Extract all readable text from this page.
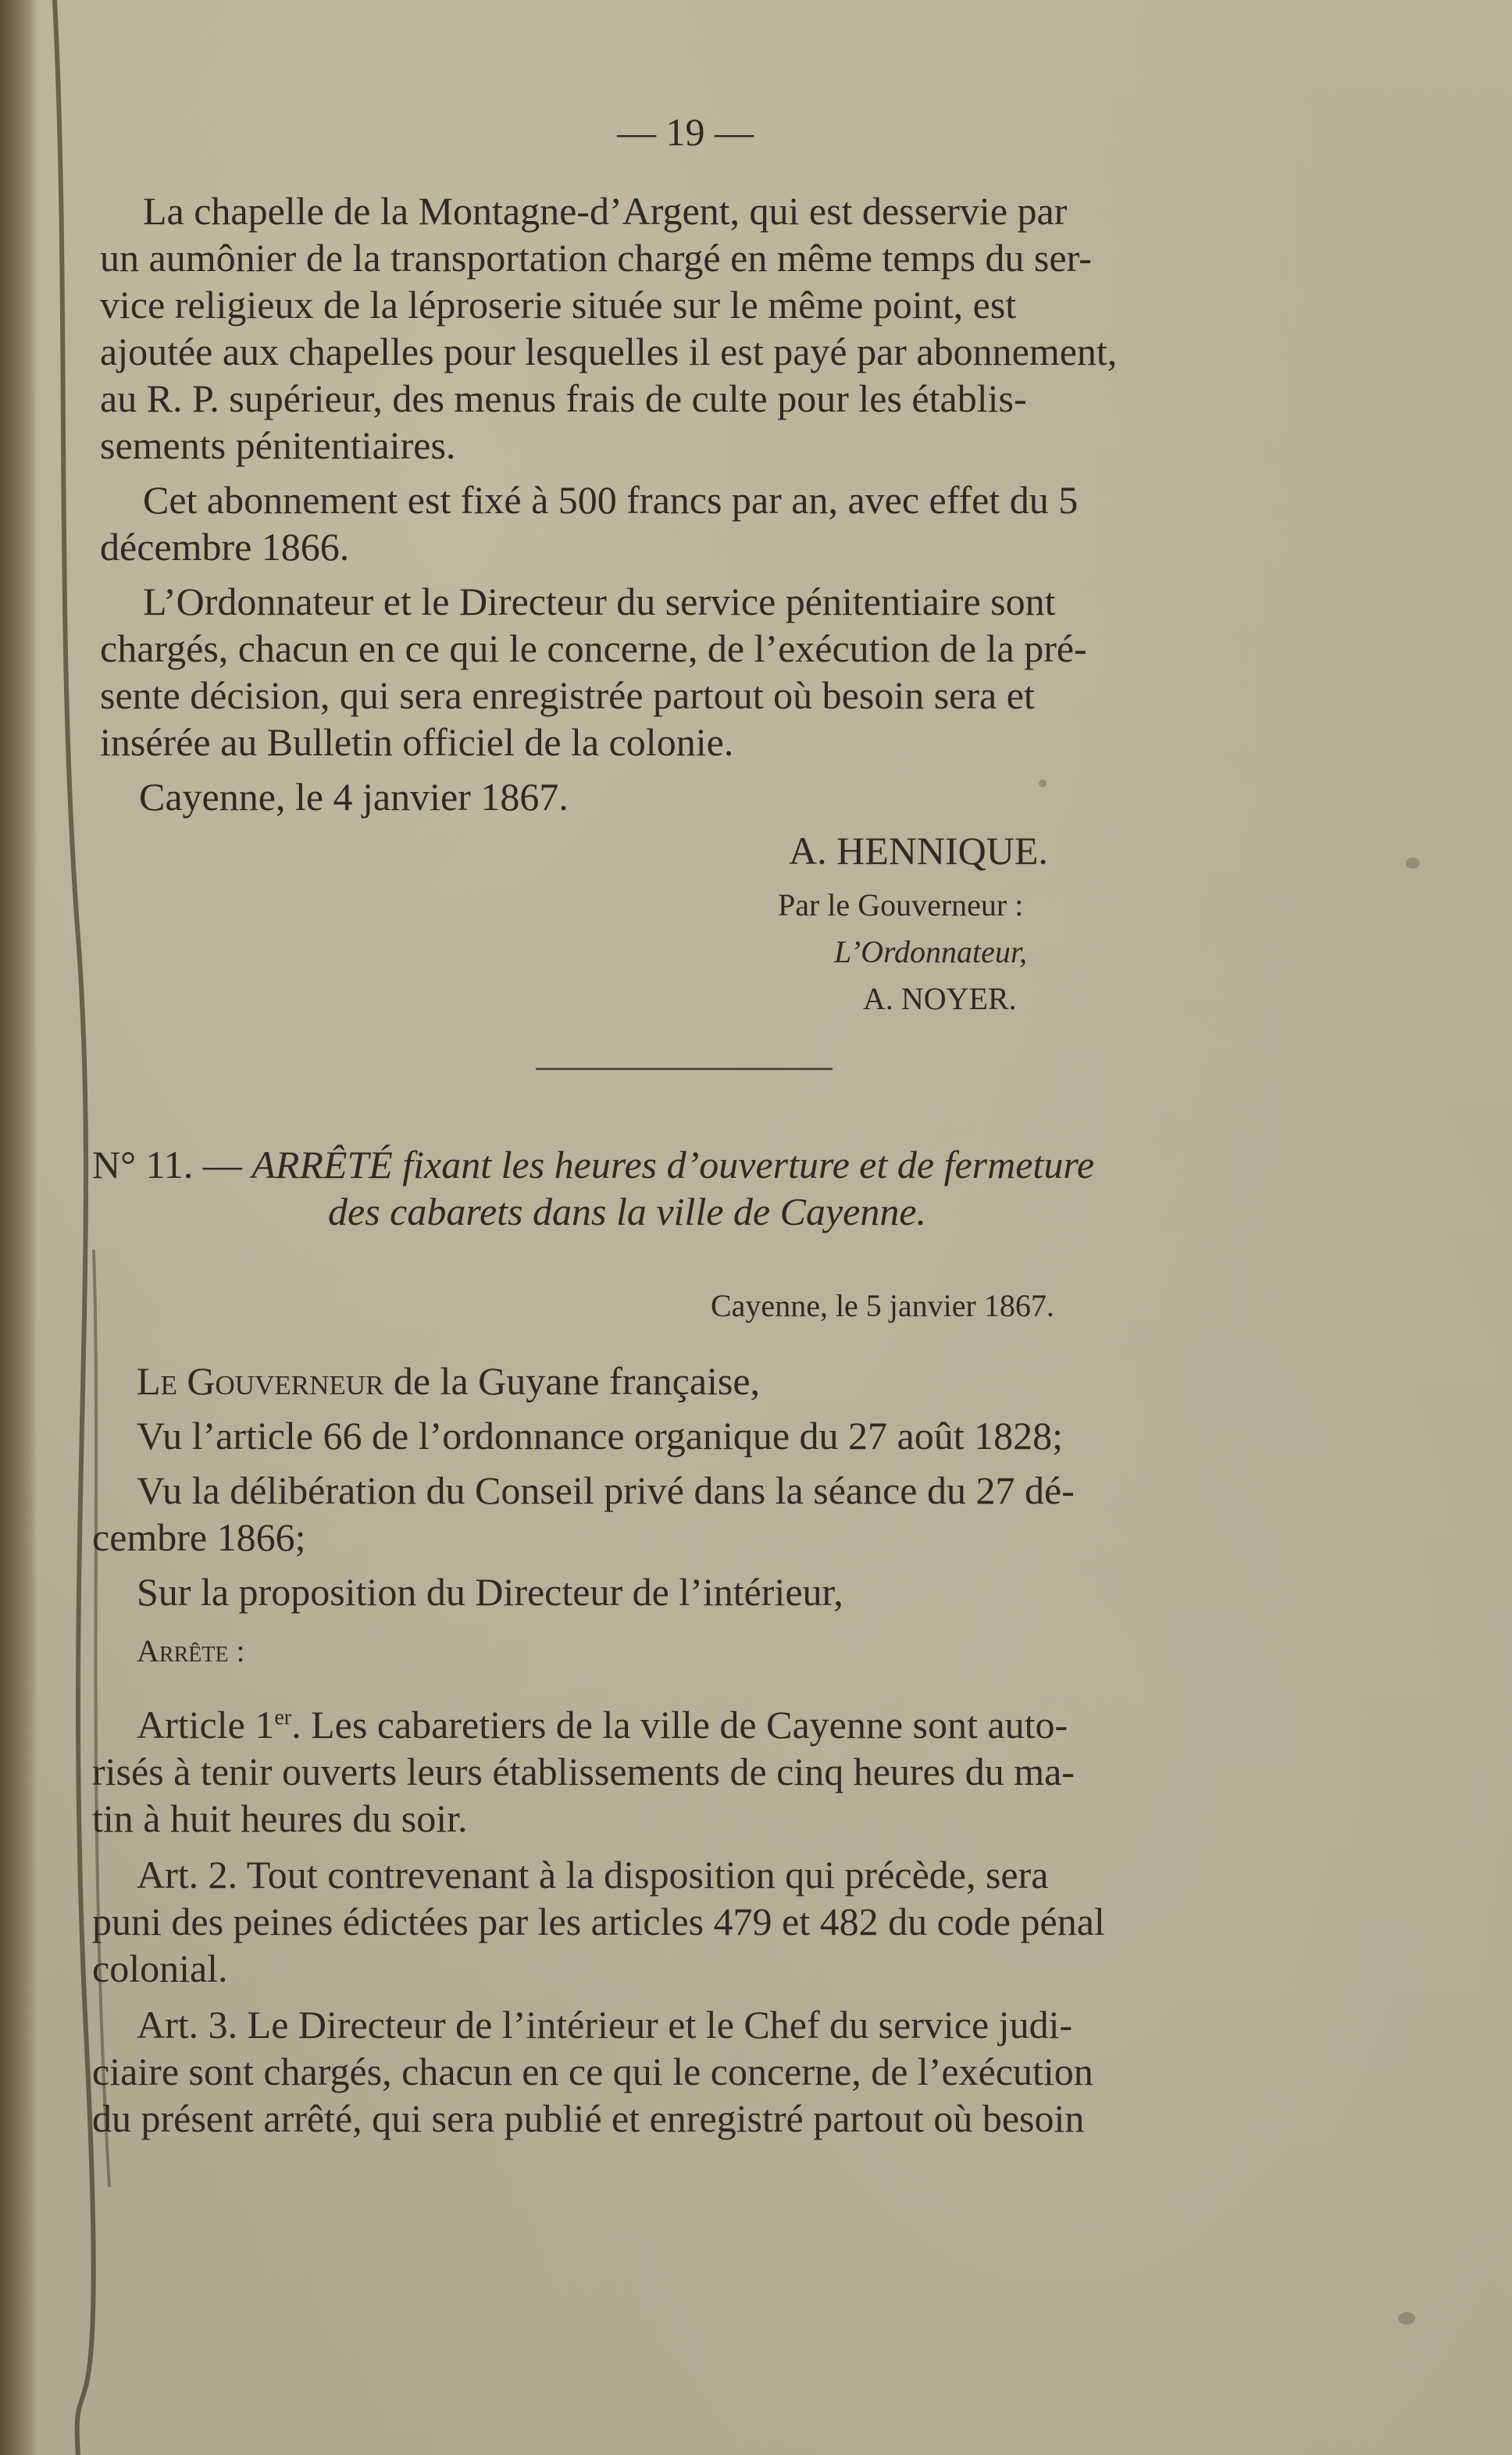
— 19 —
La chapelle de la Montagne-d’Argent, qui est desservie par
un aumônier de la transportation chargé en même temps du ser-
vice religieux de la léproserie située sur le même point, est
ajoutée aux chapelles pour lesquelles il est payé par abonnement,
au R. P. supérieur, des menus frais de culte pour les établis-
sements pénitentiaires.
Cet abonnement est fixé à 500 francs par an, avec effet du 5
décembre 1866.
L’Ordonnateur et le Directeur du service pénitentiaire sont
chargés, chacun en ce qui le concerne, de l’exécution de la pré-
sente décision, qui sera enregistrée partout où besoin sera et
insérée au Bulletin officiel de la colonie.
Cayenne, le 4 janvier 1867.
A. HENNIQUE.
Par le Gouverneur :
L’Ordonnateur,
A. NOYER.
N° 11. — ARRÊTÉ fixant les heures d’ouverture et de fermeture
des cabarets dans la ville de Cayenne.
Cayenne, le 5 janvier 1867.
Le Gouverneur de la Guyane française,
Vu l’article 66 de l’ordonnance organique du 27 août 1828;
Vu la délibération du Conseil privé dans la séance du 27 dé-
cembre 1866;
Sur la proposition du Directeur de l’intérieur,
Arrête :
Article 1er. Les cabaretiers de la ville de Cayenne sont auto-
risés à tenir ouverts leurs établissements de cinq heures du ma-
tin à huit heures du soir.
Art. 2. Tout contrevenant à la disposition qui précède, sera
puni des peines édictées par les articles 479 et 482 du code pénal
colonial.
Art. 3. Le Directeur de l’intérieur et le Chef du service judi-
ciaire sont chargés, chacun en ce qui le concerne, de l’exécution
du présent arrêté, qui sera publié et enregistré partout où besoin
